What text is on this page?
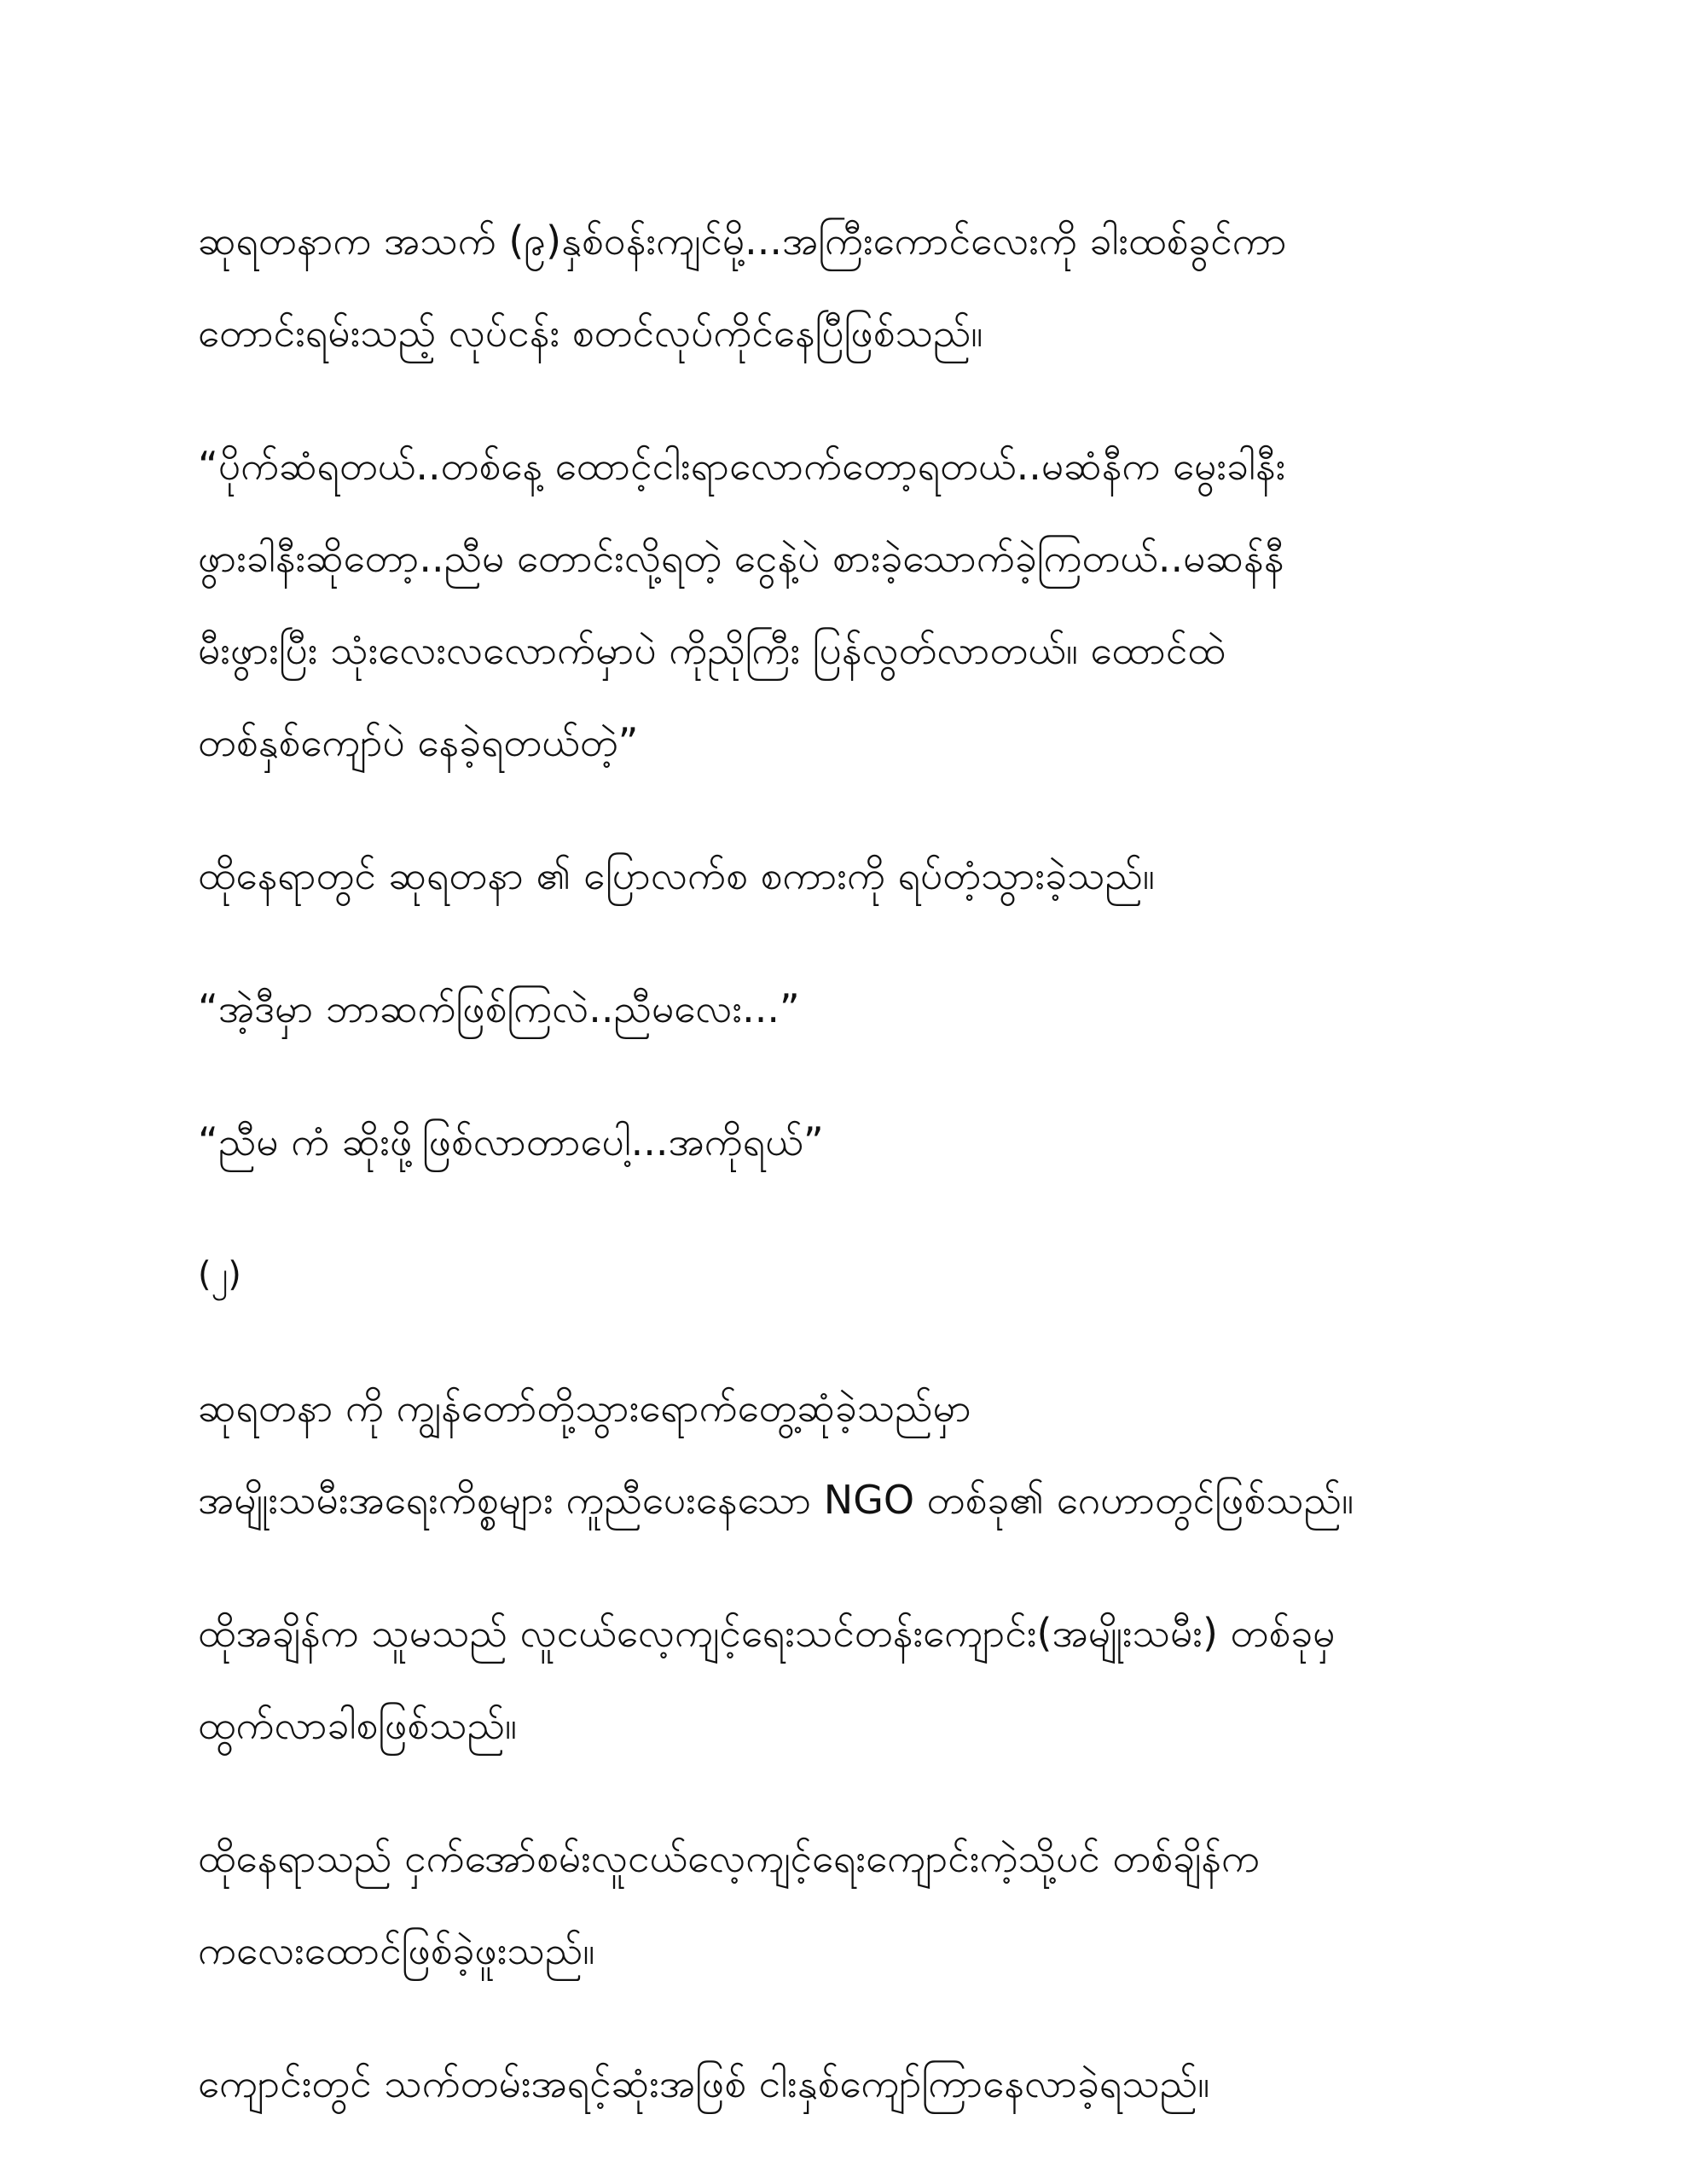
ဆုရတနာက အသက် (၉)နှစ်ဝန်းကျင်မို့...အကြီးကောင်လေးကို ခါးထစ်ခွင်ကာ
တောင်းရမ်းသည့် လုပ်ငန်း စတင်လုပ်ကိုင်နေပြီဖြစ်သည်။

“ပိုက်ဆံရတယ်..တစ်နေ့ ထောင့်ငါးရာလောက်တော့ရတယ်..မဆံနီက မွေးခါနီး
ဖွားခါနီးဆိုတော့..ညီမ တောင်းလို့ရတဲ့ ငွေနဲ့ပဲ စားခဲ့သောက်ခဲ့ကြတယ်..မဆန်နီ
မီးဖွားပြီး သုံးလေးလလောက်မှာပဲ ကိုညိုကြီး ပြန်လွတ်လာတယ်။ ထောင်ထဲ
တစ်နှစ်ကျော်ပဲ နေခဲ့ရတယ်တဲ့”

ထိုနေရာတွင် ဆုရတနာ ၏ ပြောလက်စ စကားကို ရပ်တံ့သွားခဲ့သည်။

“အဲ့ဒီမှာ ဘာဆက်ဖြစ်ကြလဲ..ညီမလေး...”

“ညီမ ကံ ဆိုးဖို့ဖြစ်လာတာပေါ့...အကိုရယ်”

(၂)

ဆုရတနာ ကို ကျွန်တော်တို့သွားရောက်တွေ့ဆုံခဲ့သည်မှာ
အမျိုးသမီးအရေးကိစ္စများ ကူညီပေးနေသော NGO တစ်ခု၏ ဂေဟာတွင်ဖြစ်သည်။

ထိုအချိန်က သူမသည် လူငယ်လေ့ကျင့်ရေးသင်တန်းကျောင်း(အမျိုးသမီး) တစ်ခုမှ
ထွက်လာခါစဖြစ်သည်။

ထိုနေရာသည် ငှက်အော်စမ်းလူငယ်လေ့ကျင့်ရေးကျောင်းကဲ့သို့ပင် တစ်ချိန်က
ကလေးထောင်ဖြစ်ခဲ့ဖူးသည်။

ကျောင်းတွင် သက်တမ်းအရင့်ဆုံးအဖြစ် ငါးနှစ်ကျော်ကြာနေလာခဲ့ရသည်။
